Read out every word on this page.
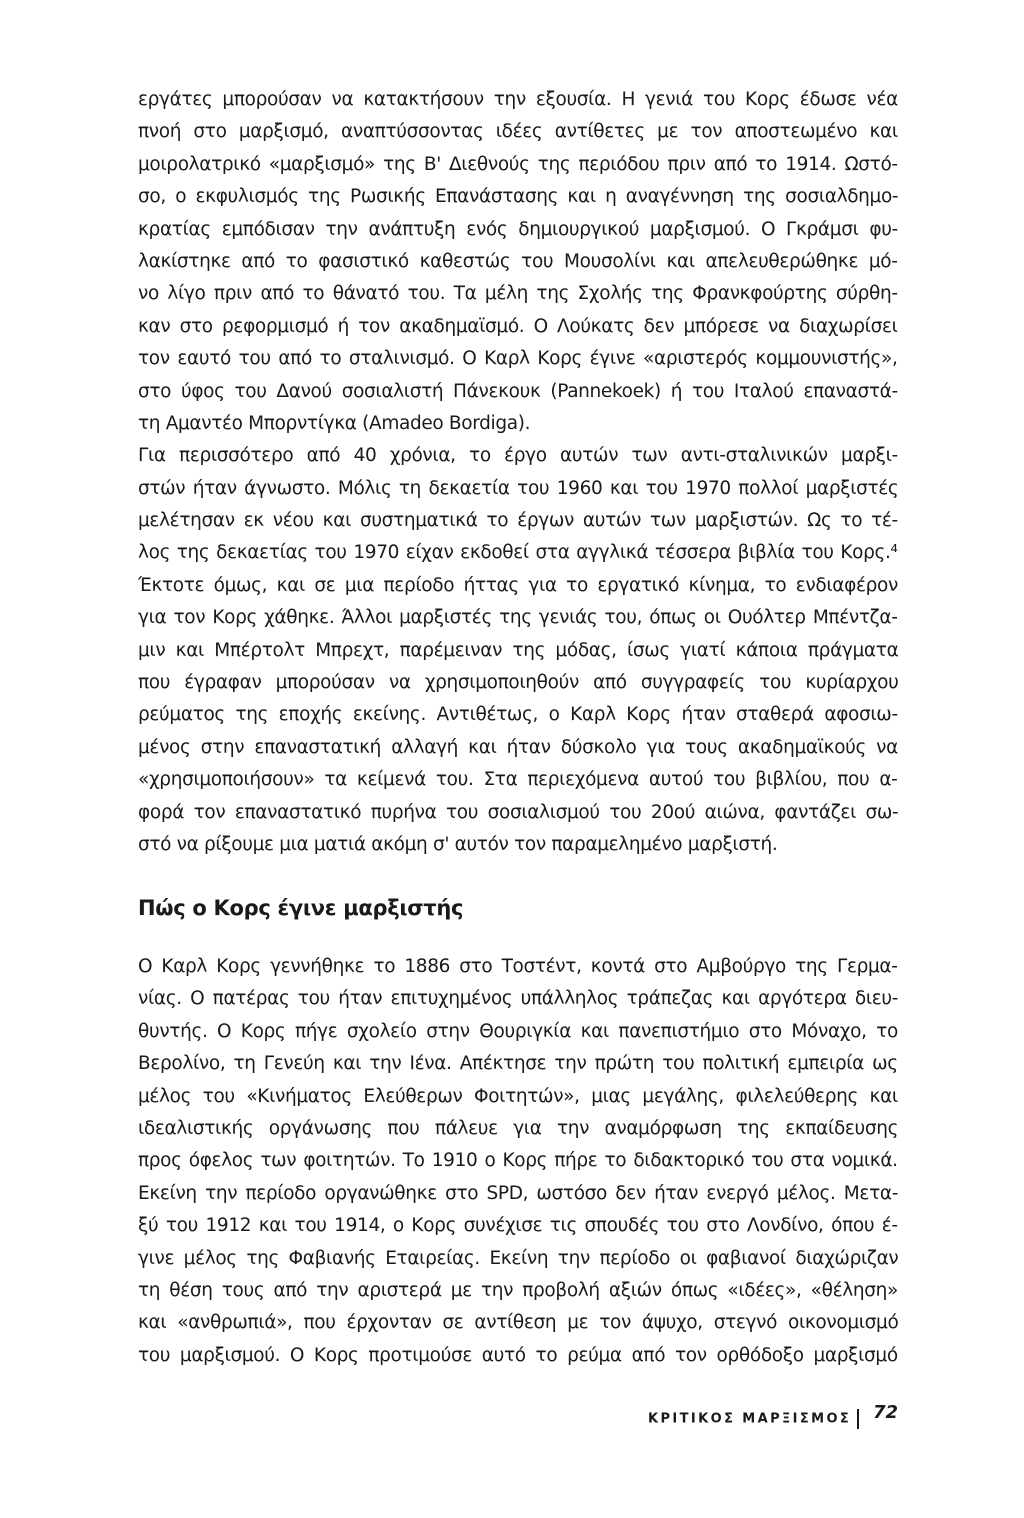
εργάτες μπορούσαν να κατακτήσουν την εξουσία. Η γενιά του Κορς έδωσε νέα
πνοή στο μαρξισμό, αναπτύσσοντας ιδέες αντίθετες με τον αποστεωμένο και
μοιρολατρικό «μαρξισμό» της Β' Διεθνούς της περιόδου πριν από το 1914. Ωστό-
σο, ο εκφυλισμός της Ρωσικής Επανάστασης και η αναγέννηση της σοσιαλδημο-
κρατίας εμπόδισαν την ανάπτυξη ενός δημιουργικού μαρξισμού. Ο Γκράμσι φυ-
λακίστηκε από το φασιστικό καθεστώς του Μουσολίνι και απελευθερώθηκε μό-
νο λίγο πριν από το θάνατό του. Τα μέλη της Σχολής της Φρανκφούρτης σύρθη-
καν στο ρεφορμισμό ή τον ακαδημαϊσμό. Ο Λούκατς δεν μπόρεσε να διαχωρίσει
τον εαυτό του από το σταλινισμό. Ο Καρλ Κορς έγινε «αριστερός κομμουνιστής»,
στο ύφος του Δανού σοσιαλιστή Πάνεκουκ (Pannekoek) ή του Ιταλού επαναστά-
τη Αμαντέο Μπορντίγκα (Amadeo Bordiga).
Για περισσότερο από 40 χρόνια, το έργο αυτών των αντι-σταλινικών μαρξι-
στών ήταν άγνωστο. Μόλις τη δεκαετία του 1960 και του 1970 πολλοί μαρξιστές
μελέτησαν εκ νέου και συστηματικά το έργων αυτών των μαρξιστών. Ως το τέ-
λος της δεκαετίας του 1970 είχαν εκδοθεί στα αγγλικά τέσσερα βιβλία του Κορς.⁴
Έκτοτε όμως, και σε μια περίοδο ήττας για το εργατικό κίνημα, το ενδιαφέρον
για τον Κορς χάθηκε. Άλλοι μαρξιστές της γενιάς του, όπως οι Ουόλτερ Μπέντζα-
μιν και Μπέρτολτ Μπρεχτ, παρέμειναν της μόδας, ίσως γιατί κάποια πράγματα
που έγραφαν μπορούσαν να χρησιμοποιηθούν από συγγραφείς του κυρίαρχου
ρεύματος της εποχής εκείνης. Αντιθέτως, ο Καρλ Κορς ήταν σταθερά αφοσιω-
μένος στην επαναστατική αλλαγή και ήταν δύσκολο για τους ακαδημαϊκούς να
«χρησιμοποιήσουν» τα κείμενά του. Στα περιεχόμενα αυτού του βιβλίου, που α-
φορά τον επαναστατικό πυρήνα του σοσιαλισμού του 20ού αιώνα, φαντάζει σω-
στό να ρίξουμε μια ματιά ακόμη σ' αυτόν τον παραμελημένο μαρξιστή.
Πώς ο Κορς έγινε μαρξιστής
Ο Καρλ Κορς γεννήθηκε το 1886 στο Τοστέντ, κοντά στο Αμβούργο της Γερμα-
νίας. Ο πατέρας του ήταν επιτυχημένος υπάλληλος τράπεζας και αργότερα διευ-
θυντής. Ο Κορς πήγε σχολείο στην Θουριγκία και πανεπιστήμιο στο Μόναχο, το
Βερολίνο, τη Γενεύη και την Ιένα. Απέκτησε την πρώτη του πολιτική εμπειρία ως
μέλος του «Κινήματος Ελεύθερων Φοιτητών», μιας μεγάλης, φιλελεύθερης και
ιδεαλιστικής οργάνωσης που πάλευε για την αναμόρφωση της εκπαίδευσης
προς όφελος των φοιτητών. Το 1910 ο Κορς πήρε το διδακτορικό του στα νομικά.
Εκείνη την περίοδο οργανώθηκε στο SPD, ωστόσο δεν ήταν ενεργό μέλος. Μετα-
ξύ του 1912 και του 1914, ο Κορς συνέχισε τις σπουδές του στο Λονδίνο, όπου έ-
γινε μέλος της Φαβιανής Εταιρείας. Εκείνη την περίοδο οι φαβιανοί διαχώριζαν
τη θέση τους από την αριστερά με την προβολή αξιών όπως «ιδέες», «θέληση»
και «ανθρωπιά», που έρχονταν σε αντίθεση με τον άψυχο, στεγνό οικονομισμό
του μαρξισμού. Ο Κορς προτιμούσε αυτό το ρεύμα από τον ορθόδοξο μαρξισμό
ΚΡΙΤΙΚΟΣ ΜΑΡΞΙΣΜΟΣ	72
